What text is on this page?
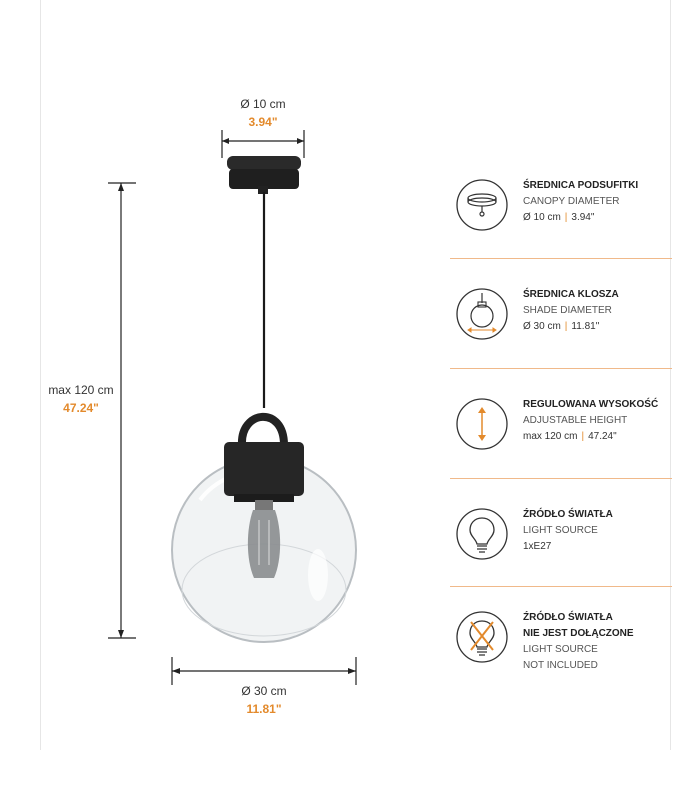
Ø 10 cm
3.94"
max 120 cm
47.24"
Ø 30 cm
11.81"
ŚREDNICA PODSUFITKI
CANOPY DIAMETER
Ø 10 cm | 3.94"
ŚREDNICA KLOSZA
SHADE DIAMETER
Ø 30 cm | 11.81"
REGULOWANA WYSOKOŚĆ
ADJUSTABLE HEIGHT
max 120 cm | 47.24"
ŹRÓDŁO ŚWIATŁA
LIGHT SOURCE
1xE27
ŹRÓDŁO ŚWIATŁA
NIE JEST DOŁĄCZONE
LIGHT SOURCE
NOT INCLUDED
